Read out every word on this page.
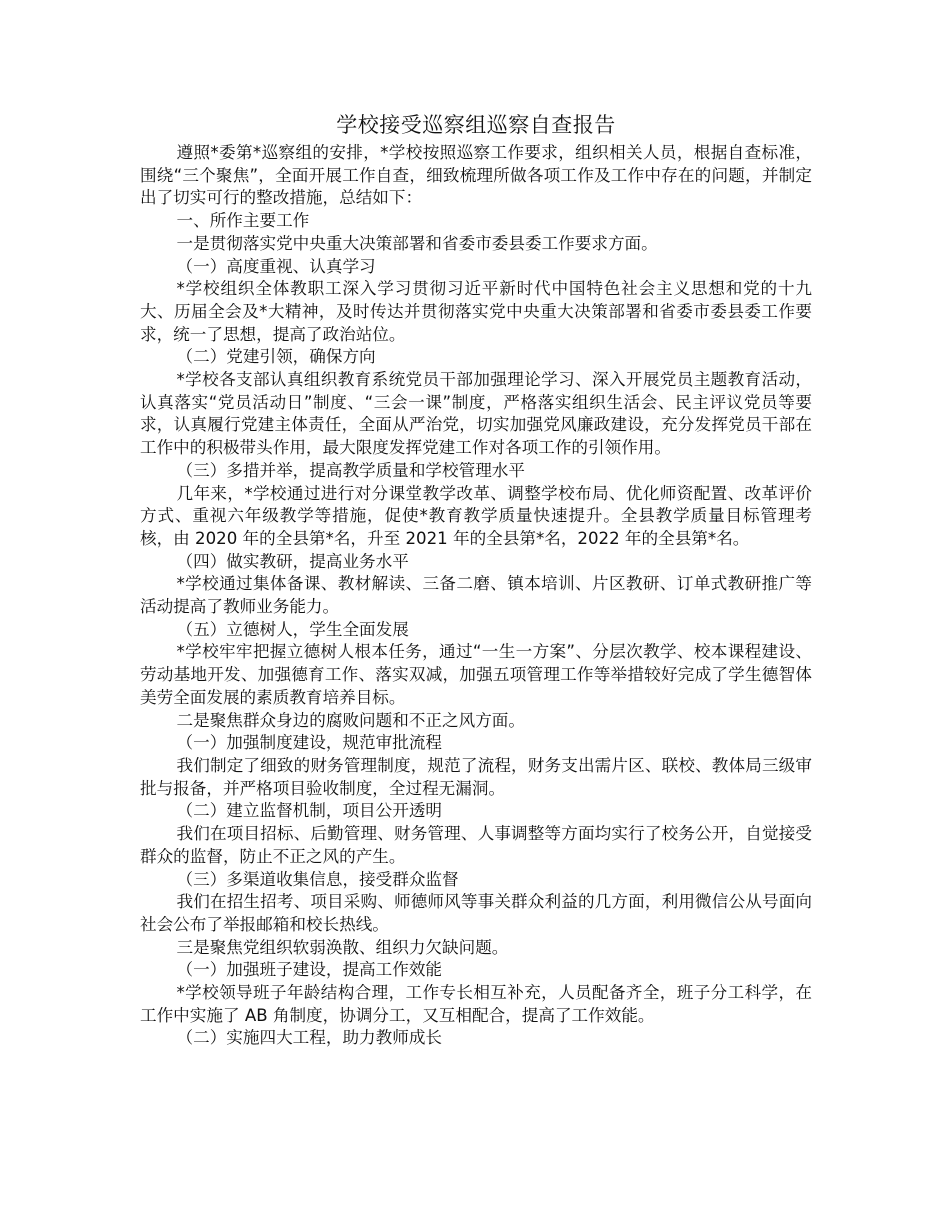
学校接受巡察组巡察自查报告

遵照*委第*巡察组的安排，*学校按照巡察工作要求，组织相关人员，根据自查标准，围绕“三个聚焦”，全面开展工作自查，细致梳理所做各项工作及工作中存在的问题，并制定出了切实可行的整改措施，总结如下：

一、所作主要工作

一是贯彻落实党中央重大决策部署和省委市委县委工作要求方面。

（一）高度重视、认真学习

*学校组织全体教职工深入学习贯彻习近平新时代中国特色社会主义思想和党的十九大、历届全会及*大精神，及时传达并贯彻落实党中央重大决策部署和省委市委县委工作要求，统一了思想，提高了政治站位。

（二）党建引领，确保方向

*学校各支部认真组织教育系统党员干部加强理论学习、深入开展党员主题教育活动，认真落实“党员活动日”制度、“三会一课”制度，严格落实组织生活会、民主评议党员等要求，认真履行党建主体责任，全面从严治党，切实加强党风廉政建设，充分发挥党员干部在工作中的积极带头作用，最大限度发挥党建工作对各项工作的引领作用。

（三）多措并举，提高教学质量和学校管理水平

几年来，*学校通过进行对分课堂教学改革、调整学校布局、优化师资配置、改革评价方式、重视六年级教学等措施，促使*教育教学质量快速提升。全县教学质量目标管理考核，由 2020 年的全县第*名，升至 2021 年的全县第*名，2022 年的全县第*名。

（四）做实教研，提高业务水平

*学校通过集体备课、教材解读、三备二磨、镇本培训、片区教研、订单式教研推广等活动提高了教师业务能力。

（五）立德树人，学生全面发展

*学校牢牢把握立德树人根本任务，通过“一生一方案”、分层次教学、校本课程建设、劳动基地开发、加强德育工作、落实双减，加强五项管理工作等举措较好完成了学生德智体美劳全面发展的素质教育培养目标。

二是聚焦群众身边的腐败问题和不正之风方面。

（一）加强制度建设，规范审批流程

我们制定了细致的财务管理制度，规范了流程，财务支出需片区、联校、教体局三级审批与报备，并严格项目验收制度，全过程无漏洞。

（二）建立监督机制，项目公开透明

我们在项目招标、后勤管理、财务管理、人事调整等方面均实行了校务公开，自觉接受群众的监督，防止不正之风的产生。

（三）多渠道收集信息，接受群众监督

我们在招生招考、项目采购、师德师风等事关群众利益的几方面，利用微信公从号面向社会公布了举报邮箱和校长热线。

三是聚焦党组织软弱涣散、组织力欠缺问题。

（一）加强班子建设，提高工作效能

*学校领导班子年龄结构合理，工作专长相互补充，人员配备齐全，班子分工科学，在工作中实施了 AB 角制度，协调分工，又互相配合，提高了工作效能。

（二）实施四大工程，助力教师成长
